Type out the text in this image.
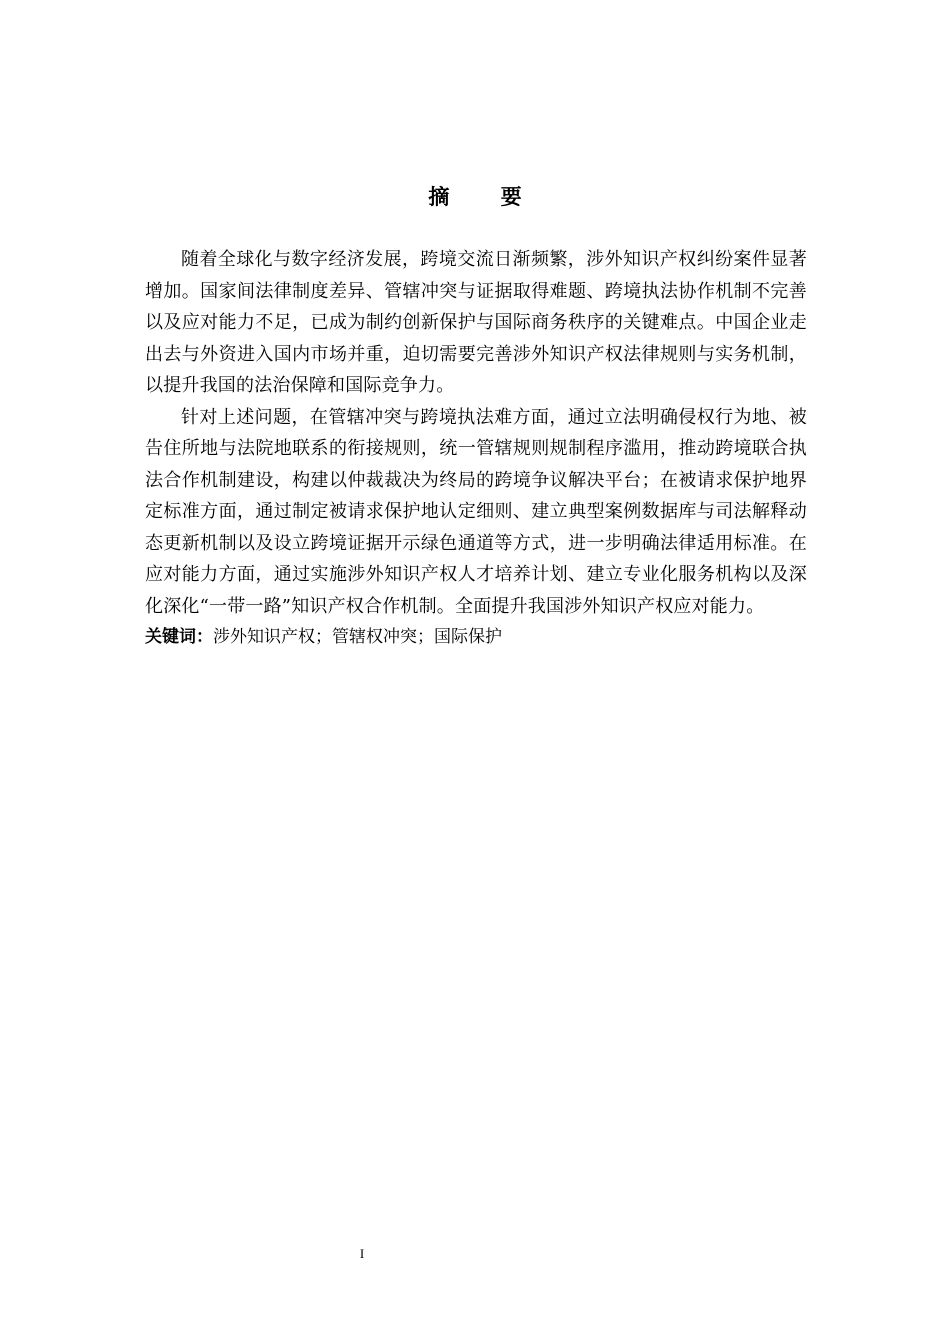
摘 要

随着全球化与数字经济发展，跨境交流日渐频繁，涉外知识产权纠纷案件显著增加。国家间法律制度差异、管辖冲突与证据取得难题、跨境执法协作机制不完善以及应对能力不足，已成为制约创新保护与国际商务秩序的关键难点。中国企业走出去与外资进入国内市场并重，迫切需要完善涉外知识产权法律规则与实务机制，以提升我国的法治保障和国际竞争力。

针对上述问题，在管辖冲突与跨境执法难方面，通过立法明确侵权行为地、被告住所地与法院地联系的衔接规则，统一管辖规则规制程序滥用，推动跨境联合执法合作机制建设，构建以仲裁裁决为终局的跨境争议解决平台；在被请求保护地界定标准方面，通过制定被请求保护地认定细则、建立典型案例数据库与司法解释动态更新机制以及设立跨境证据开示绿色通道等方式，进一步明确法律适用标准。在应对能力方面，通过实施涉外知识产权人才培养计划、建立专业化服务机构以及深化深化“一带一路”知识产权合作机制。全面提升我国涉外知识产权应对能力。

关键词：涉外知识产权；管辖权冲突；国际保护

I
